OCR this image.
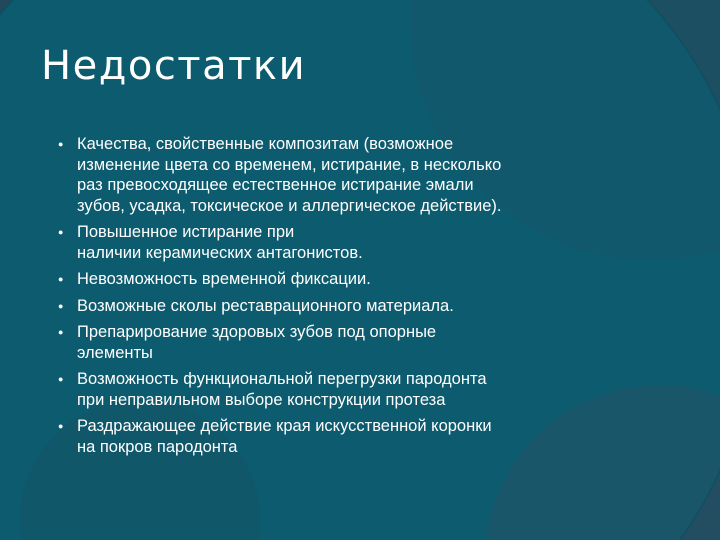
Недостатки
● Качества, свойственные композитам (возможное
изменение цвета со временем, истирание, в несколько
раз превосходящее естественное истирание эмали
зубов, усадка, токсическое и аллергическое действие).
● Повышенное истирание при
наличии керамических антагонистов.
● Невозможность временной фиксации.
● Возможные сколы реставрационного материала.
● Препарирование здоровых зубов под опорные
элементы
● Возможность функциональной перегрузки пародонта
при неправильном выборе конструкции протеза
● Раздражающее действие края искусственной коронки
на покров пародонта
